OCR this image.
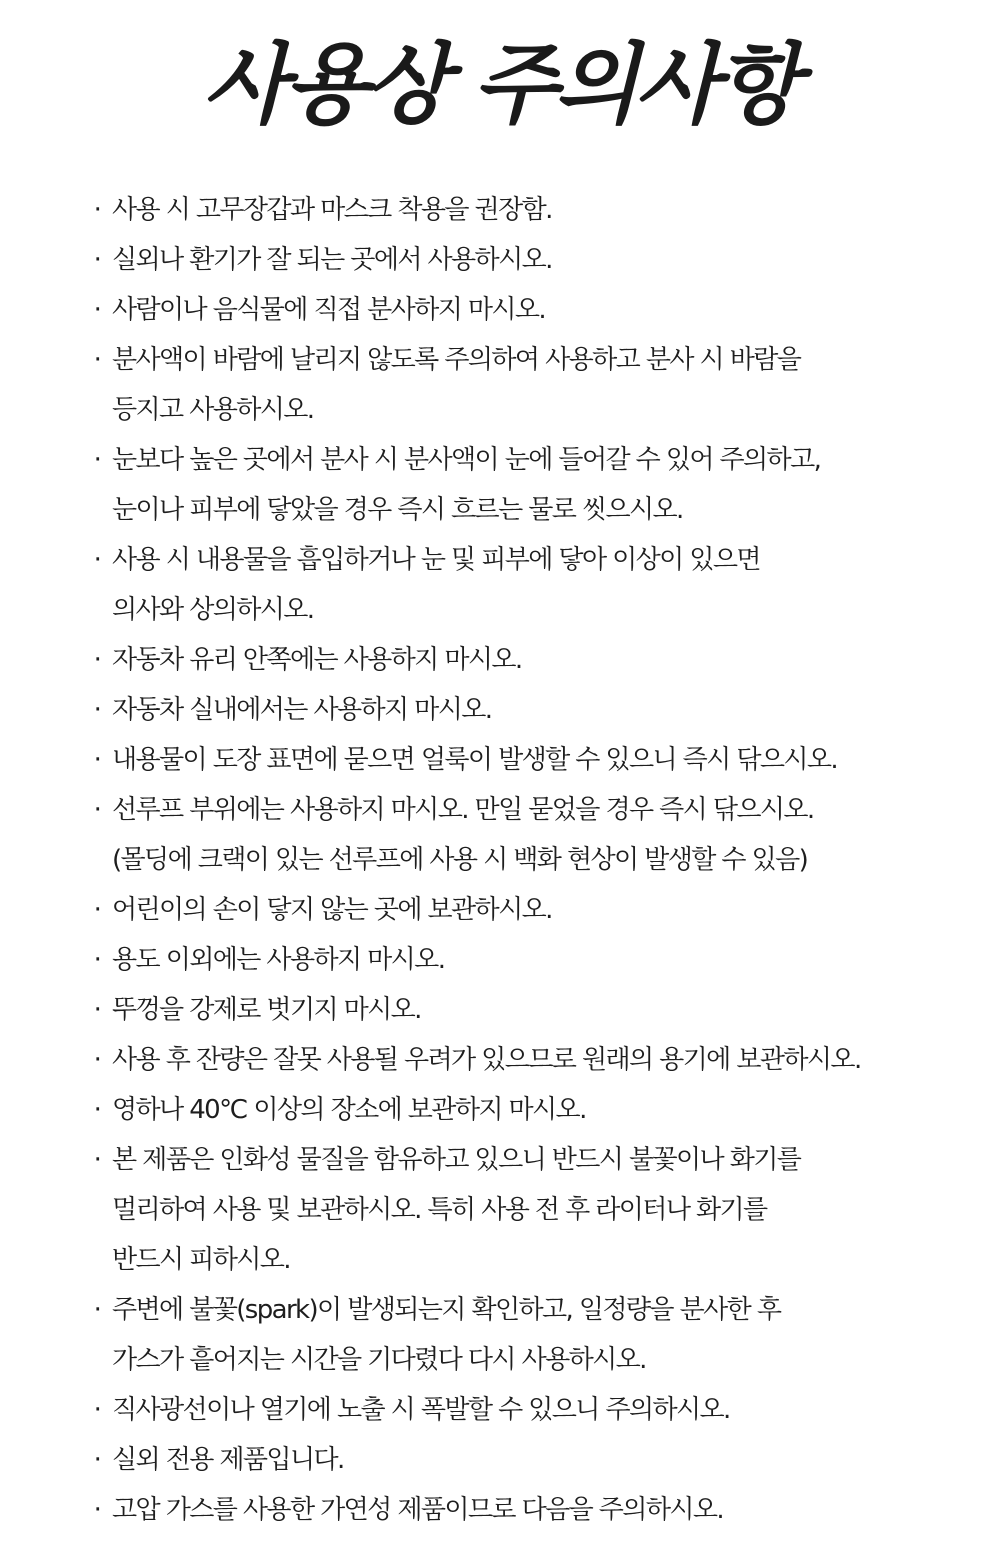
사용상 주의사항
· 사용 시 고무장갑과 마스크 착용을 권장함.
· 실외나 환기가 잘 되는 곳에서 사용하시오.
· 사람이나 음식물에 직접 분사하지 마시오.
· 분사액이 바람에 날리지 않도록 주의하여 사용하고 분사 시 바람을
등지고 사용하시오.
· 눈보다 높은 곳에서 분사 시 분사액이 눈에 들어갈 수 있어 주의하고,
눈이나 피부에 닿았을 경우 즉시 흐르는 물로 씻으시오.
· 사용 시 내용물을 흡입하거나 눈 및 피부에 닿아 이상이 있으면
의사와 상의하시오.
· 자동차 유리 안쪽에는 사용하지 마시오.
· 자동차 실내에서는 사용하지 마시오.
· 내용물이 도장 표면에 묻으면 얼룩이 발생할 수 있으니 즉시 닦으시오.
· 선루프 부위에는 사용하지 마시오. 만일 묻었을 경우 즉시 닦으시오.
(몰딩에 크랙이 있는 선루프에 사용 시 백화 현상이 발생할 수 있음)
· 어린이의 손이 닿지 않는 곳에 보관하시오.
· 용도 이외에는 사용하지 마시오.
· 뚜껑을 강제로 벗기지 마시오.
· 사용 후 잔량은 잘못 사용될 우려가 있으므로 원래의 용기에 보관하시오.
· 영하나 40℃ 이상의 장소에 보관하지 마시오.
· 본 제품은 인화성 물질을 함유하고 있으니 반드시 불꽃이나 화기를
멀리하여 사용 및 보관하시오. 특히 사용 전 후 라이터나 화기를
반드시 피하시오.
· 주변에 불꽃(spark)이 발생되는지 확인하고, 일정량을 분사한 후
가스가 흩어지는 시간을 기다렸다 다시 사용하시오.
· 직사광선이나 열기에 노출 시 폭발할 수 있으니 주의하시오.
· 실외 전용 제품입니다.
· 고압 가스를 사용한 가연성 제품이므로 다음을 주의하시오.
